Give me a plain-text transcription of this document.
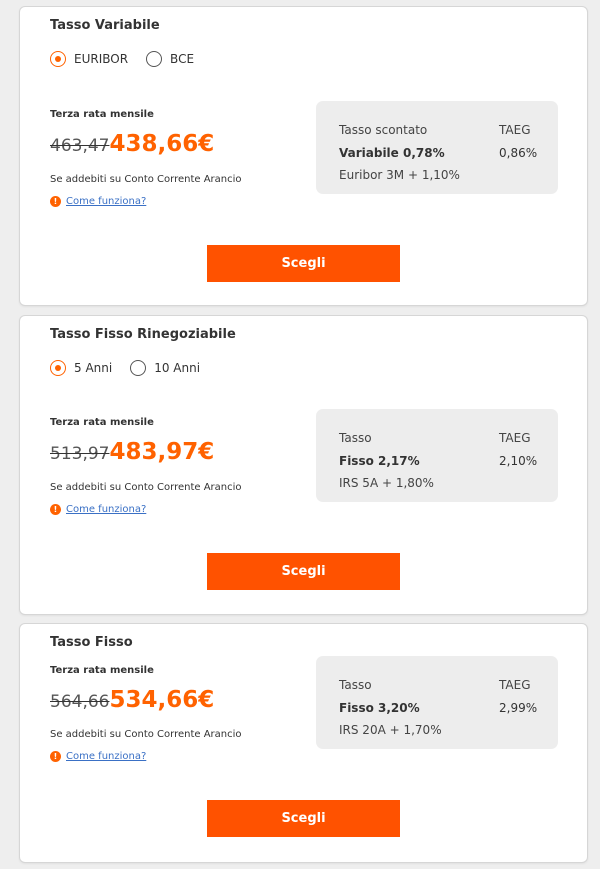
Tasso Variabile
EURIBOR	BCE
Terza rata mensile
463,47438,66€
Se addebiti su Conto Corrente Arancio
! Come funziona?
Tasso scontato	TAEG
Variabile 0,78%	0,86%
Euribor 3M + 1,10%
Scegli
Tasso Fisso Rinegoziabile
5 Anni	10 Anni
Terza rata mensile
513,97483,97€
Se addebiti su Conto Corrente Arancio
! Come funziona?
Tasso	TAEG
Fisso 2,17%	2,10%
IRS 5A + 1,80%
Scegli
Tasso Fisso
Terza rata mensile
564,66534,66€
Se addebiti su Conto Corrente Arancio
! Come funziona?
Tasso	TAEG
Fisso 3,20%	2,99%
IRS 20A + 1,70%
Scegli
